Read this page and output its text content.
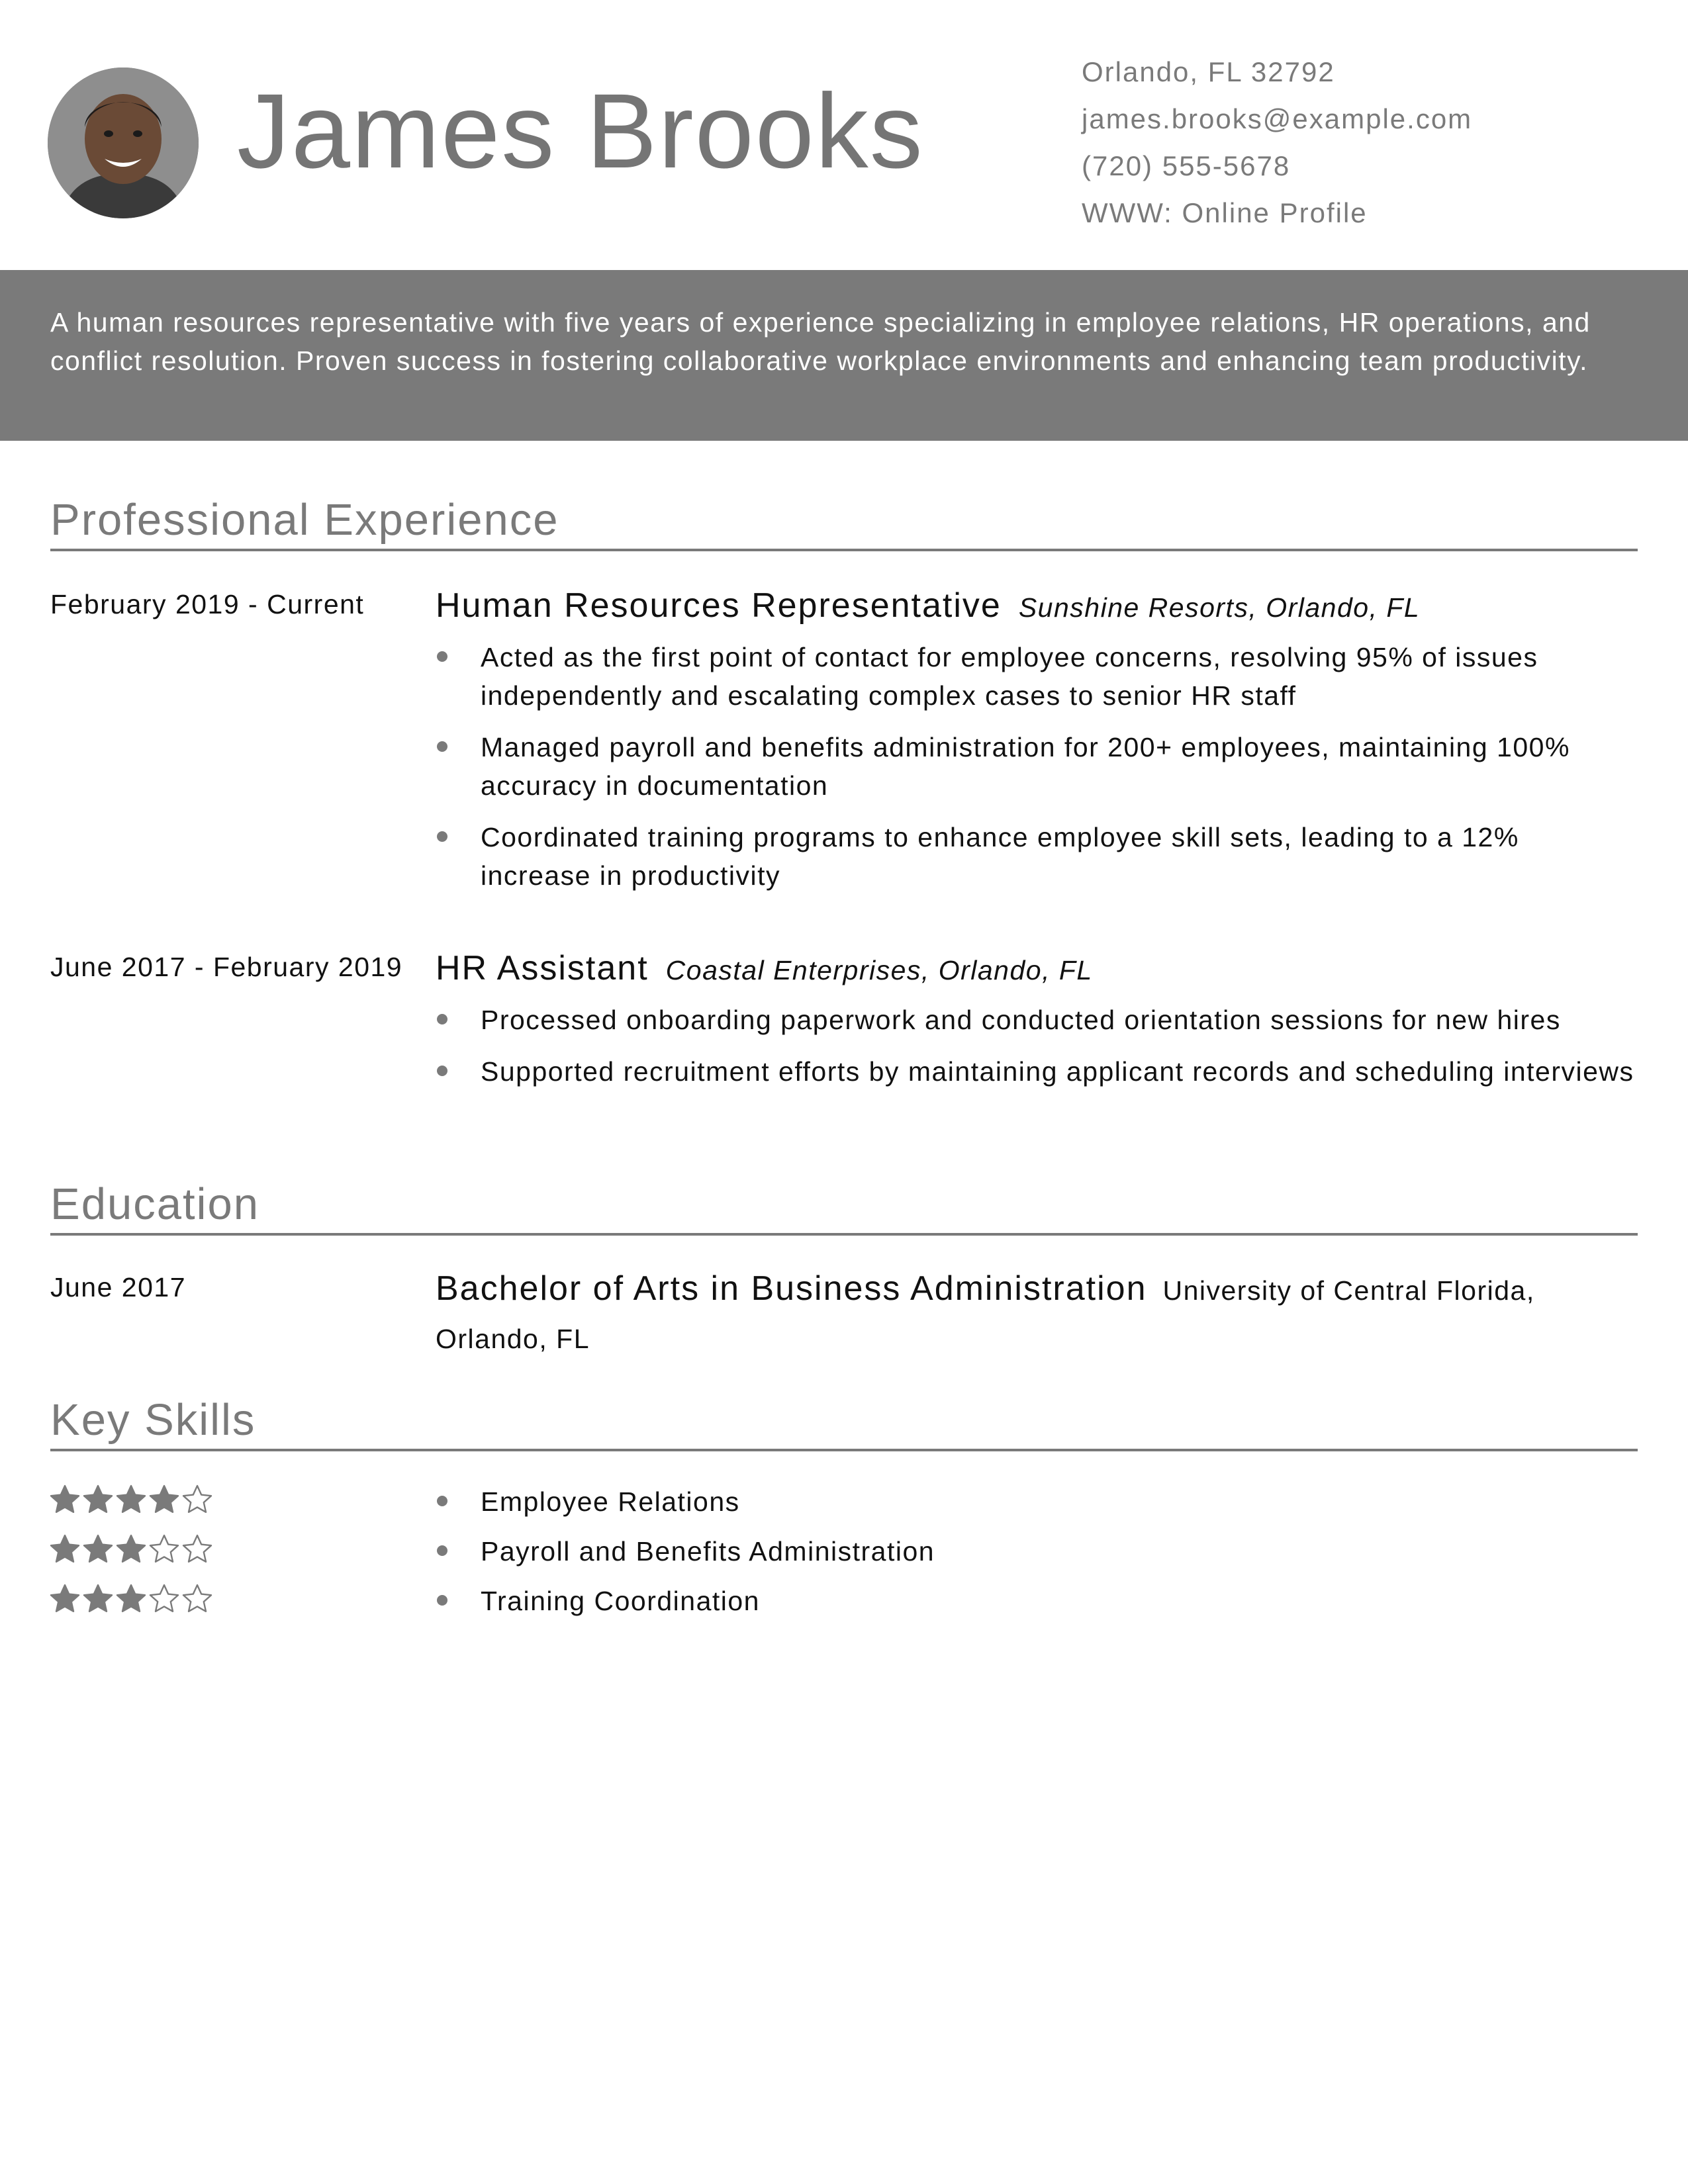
James Brooks	Orlando, FL 32792
james.brooks@example.com
(720) 555-5678
WWW: Online Profile
A human resources representative with five years of experience specializing in employee relations, HR operations, and conflict resolution. Proven success in fostering collaborative workplace environments and enhancing team productivity.
Professional Experience
February 2019 - Current	Human Resources Representative Sunshine Resorts, Orlando, FL
Acted as the first point of contact for employee concerns, resolving 95% of issues independently and escalating complex cases to senior HR staff
Managed payroll and benefits administration for 200+ employees, maintaining 100% accuracy in documentation
Coordinated training programs to enhance employee skill sets, leading to a 12% increase in productivity
June 2017 - February 2019 HR Assistant Coastal Enterprises, Orlando, FL
Processed onboarding paperwork and conducted orientation sessions for new hires
Supported recruitment efforts by maintaining applicant records and scheduling interviews
Education
June 2017	Bachelor of Arts in Business Administration University of Central Florida, Orlando, FL
Key Skills
Employee Relations
Payroll and Benefits Administration
Training Coordination
